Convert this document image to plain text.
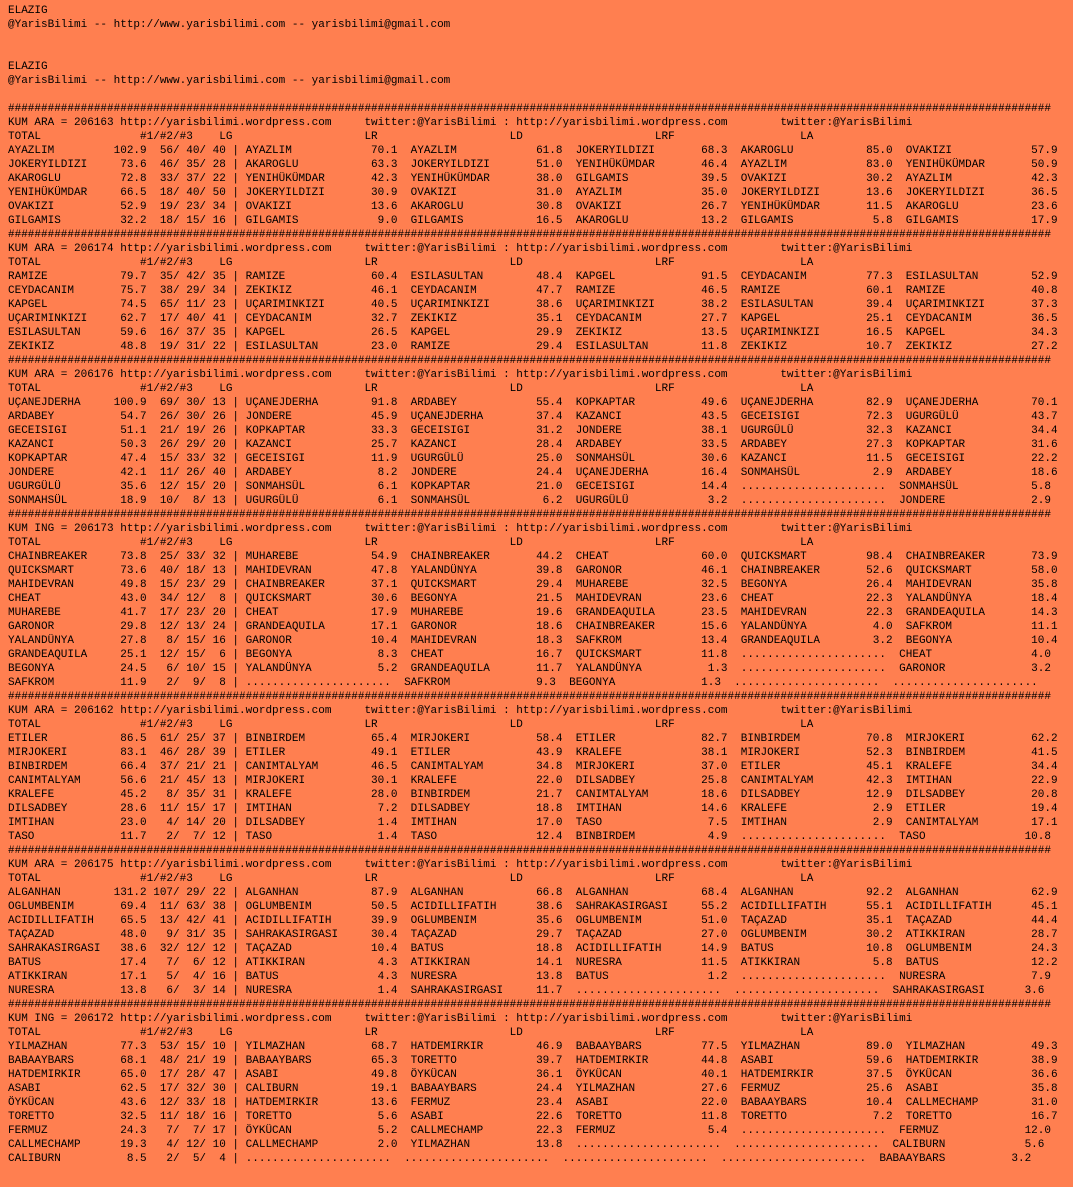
ELAZIG
@YarisBilimi -- http://www.yarisbilimi.com -- yarisbilimi@gmail.com

ELAZIG
@YarisBilimi -- http://www.yarisbilimi.com -- yarisbilimi@gmail.com

##############################################################################################################################################################
KUM ARA = 206163 http://yarisbilimi.wordpress.com     twitter:@YarisBilimi : http://yarisbilimi.wordpress.com        twitter:@YarisBilimi
TOTAL               #1/#2/#3    LG                    LR                    LD                    LRF                   LA
AYAZLIM         102.9  56/ 40/ 40 | AYAZLIM            70.1  AYAZLIM            61.8  JOKERYILDIZI       68.3  AKAROGLU           85.0  OVAKIZI            57.9
JOKERYILDIZI     73.6  46/ 35/ 28 | AKAROGLU           63.3  JOKERYILDIZI       51.0  YENIHÜKÜMDAR       46.4  AYAZLIM            83.0  YENIHÜKÜMDAR       50.9
AKAROGLU         72.8  33/ 37/ 22 | YENIHÜKÜMDAR       42.3  YENIHÜKÜMDAR       38.0  GILGAMIS           39.5  OVAKIZI            30.2  AYAZLIM            42.3
YENIHÜKÜMDAR     66.5  18/ 40/ 50 | JOKERYILDIZI       30.9  OVAKIZI            31.0  AYAZLIM            35.0  JOKERYILDIZI       13.6  JOKERYILDIZI       36.5
OVAKIZI          52.9  19/ 23/ 34 | OVAKIZI            13.6  AKAROGLU           30.8  OVAKIZI            26.7  YENIHÜKÜMDAR       11.5  AKAROGLU           23.6
GILGAMIS         32.2  18/ 15/ 16 | GILGAMIS            9.0  GILGAMIS           16.5  AKAROGLU           13.2  GILGAMIS            5.8  GILGAMIS           17.9
##############################################################################################################################################################
KUM ARA = 206174 http://yarisbilimi.wordpress.com     twitter:@YarisBilimi : http://yarisbilimi.wordpress.com        twitter:@YarisBilimi
TOTAL               #1/#2/#3    LG                    LR                    LD                    LRF                   LA
RAMIZE           79.7  35/ 42/ 35 | RAMIZE             60.4  ESILASULTAN        48.4  KAPGEL             91.5  CEYDACANIM         77.3  ESILASULTAN        52.9
CEYDACANIM       75.7  38/ 29/ 34 | ZEKIKIZ            46.1  CEYDACANIM         47.7  RAMIZE             46.5  RAMIZE             60.1  RAMIZE             40.8
KAPGEL           74.5  65/ 11/ 23 | UÇARIMINKIZI       40.5  UÇARIMINKIZI       38.6  UÇARIMINKIZI       38.2  ESILASULTAN        39.4  UÇARIMINKIZI       37.3
UÇARIMINKIZI     62.7  17/ 40/ 41 | CEYDACANIM         32.7  ZEKIKIZ            35.1  CEYDACANIM         27.7  KAPGEL             25.1  CEYDACANIM         36.5
ESILASULTAN      59.6  16/ 37/ 35 | KAPGEL             26.5  KAPGEL             29.9  ZEKIKIZ            13.5  UÇARIMINKIZI       16.5  KAPGEL             34.3
ZEKIKIZ          48.8  19/ 31/ 22 | ESILASULTAN        23.0  RAMIZE             29.4  ESILASULTAN        11.8  ZEKIKIZ            10.7  ZEKIKIZ            27.2
##############################################################################################################################################################
KUM ARA = 206176 http://yarisbilimi.wordpress.com     twitter:@YarisBilimi : http://yarisbilimi.wordpress.com        twitter:@YarisBilimi
TOTAL               #1/#2/#3    LG                    LR                    LD                    LRF                   LA
UÇANEJDERHA     100.9  69/ 30/ 13 | UÇANEJDERHA        91.8  ARDABEY            55.4  KOPKAPTAR          49.6  UÇANEJDERHA        82.9  UÇANEJDERHA        70.1
ARDABEY          54.7  26/ 30/ 26 | JONDERE            45.9  UÇANEJDERHA        37.4  KAZANCI            43.5  GECEISIGI          72.3  UGURGÜLÜ           43.7
GECEISIGI        51.1  21/ 19/ 26 | KOPKAPTAR          33.3  GECEISIGI          31.2  JONDERE            38.1  UGURGÜLÜ           32.3  KAZANCI            34.4
KAZANCI          50.3  26/ 29/ 20 | KAZANCI            25.7  KAZANCI            28.4  ARDABEY            33.5  ARDABEY            27.3  KOPKAPTAR          31.6
KOPKAPTAR        47.4  15/ 33/ 32 | GECEISIGI          11.9  UGURGÜLÜ           25.0  SONMAHSÜL          30.6  KAZANCI            11.5  GECEISIGI          22.2
JONDERE          42.1  11/ 26/ 40 | ARDABEY             8.2  JONDERE            24.4  UÇANEJDERHA        16.4  SONMAHSÜL           2.9  ARDABEY            18.6
UGURGÜLÜ         35.6  12/ 15/ 20 | SONMAHSÜL           6.1  KOPKAPTAR          21.0  GECEISIGI          14.4  ......................  SONMAHSÜL           5.8
SONMAHSÜL        18.9  10/  8/ 13 | UGURGÜLÜ            6.1  SONMAHSÜL           6.2  UGURGÜLÜ            3.2  ......................  JONDERE             2.9
##############################################################################################################################################################
KUM ING = 206173 http://yarisbilimi.wordpress.com     twitter:@YarisBilimi : http://yarisbilimi.wordpress.com        twitter:@YarisBilimi
TOTAL               #1/#2/#3    LG                    LR                    LD                    LRF                   LA
CHAINBREAKER     73.8  25/ 33/ 32 | MUHAREBE           54.9  CHAINBREAKER       44.2  CHEAT              60.0  QUICKSMART         98.4  CHAINBREAKER       73.9
QUICKSMART       73.6  40/ 18/ 13 | MAHIDEVRAN         47.8  YALANDÜNYA         39.8  GARONOR            46.1  CHAINBREAKER       52.6  QUICKSMART         58.0
MAHIDEVRAN       49.8  15/ 23/ 29 | CHAINBREAKER       37.1  QUICKSMART         29.4  MUHAREBE           32.5  BEGONYA            26.4  MAHIDEVRAN         35.8
CHEAT            43.0  34/ 12/  8 | QUICKSMART         30.6  BEGONYA            21.5  MAHIDEVRAN         23.6  CHEAT              22.3  YALANDÜNYA         18.4
MUHAREBE         41.7  17/ 23/ 20 | CHEAT              17.9  MUHAREBE           19.6  GRANDEAQUILA       23.5  MAHIDEVRAN         22.3  GRANDEAQUILA       14.3
GARONOR          29.8  12/ 13/ 24 | GRANDEAQUILA       17.1  GARONOR            18.6  CHAINBREAKER       15.6  YALANDÜNYA          4.0  SAFKROM            11.1
YALANDÜNYA       27.8   8/ 15/ 16 | GARONOR            10.4  MAHIDEVRAN         18.3  SAFKROM            13.4  GRANDEAQUILA        3.2  BEGONYA            10.4
GRANDEAQUILA     25.1  12/ 15/  6 | BEGONYA             8.3  CHEAT              16.7  QUICKSMART         11.8  ......................  CHEAT               4.0
BEGONYA          24.5   6/ 10/ 15 | YALANDÜNYA          5.2  GRANDEAQUILA       11.7  YALANDÜNYA          1.3  ......................  GARONOR             3.2
SAFKROM          11.9   2/  9/  8 | ......................  SAFKROM             9.3  BEGONYA             1.3  ......................  ......................
##############################################################################################################################################################
KUM ARA = 206162 http://yarisbilimi.wordpress.com     twitter:@YarisBilimi : http://yarisbilimi.wordpress.com        twitter:@YarisBilimi
TOTAL               #1/#2/#3    LG                    LR                    LD                    LRF                   LA
ETILER           86.5  61/ 25/ 37 | BINBIRDEM          65.4  MIRJOKERI          58.4  ETILER             82.7  BINBIRDEM          70.8  MIRJOKERI          62.2
MIRJOKERI        83.1  46/ 28/ 39 | ETILER             49.1  ETILER             43.9  KRALEFE            38.1  MIRJOKERI          52.3  BINBIRDEM          41.5
BINBIRDEM        66.4  37/ 21/ 21 | CANIMTALYAM        46.5  CANIMTALYAM        34.8  MIRJOKERI          37.0  ETILER             45.1  KRALEFE            34.4
CANIMTALYAM      56.6  21/ 45/ 13 | MIRJOKERI          30.1  KRALEFE            22.0  DILSADBEY          25.8  CANIMTALYAM        42.3  IMTIHAN            22.9
KRALEFE          45.2   8/ 35/ 31 | KRALEFE            28.0  BINBIRDEM          21.7  CANIMTALYAM        18.6  DILSADBEY          12.9  DILSADBEY          20.8
DILSADBEY        28.6  11/ 15/ 17 | IMTIHAN             7.2  DILSADBEY          18.8  IMTIHAN            14.6  KRALEFE             2.9  ETILER             19.4
IMTIHAN          23.0   4/ 14/ 20 | DILSADBEY           1.4  IMTIHAN            17.0  TASO                7.5  IMTIHAN             2.9  CANIMTALYAM        17.1
TASO             11.7   2/  7/ 12 | TASO                1.4  TASO               12.4  BINBIRDEM           4.9  ......................  TASO               10.8
##############################################################################################################################################################
KUM ARA = 206175 http://yarisbilimi.wordpress.com     twitter:@YarisBilimi : http://yarisbilimi.wordpress.com        twitter:@YarisBilimi
TOTAL               #1/#2/#3    LG                    LR                    LD                    LRF                   LA
ALGANHAN        131.2 107/ 29/ 22 | ALGANHAN           87.9  ALGANHAN           66.8  ALGANHAN           68.4  ALGANHAN           92.2  ALGANHAN           62.9
OGLUMBENIM       69.4  11/ 63/ 38 | OGLUMBENIM         50.5  ACIDILLIFATIH      38.6  SAHRAKASIRGASI     55.2  ACIDILLIFATIH      55.1  ACIDILLIFATIH      45.1
ACIDILLIFATIH    65.5  13/ 42/ 41 | ACIDILLIFATIH      39.9  OGLUMBENIM         35.6  OGLUMBENIM         51.0  TAÇAZAD            35.1  TAÇAZAD            44.4
TAÇAZAD          48.0   9/ 31/ 35 | SAHRAKASIRGASI     30.4  TAÇAZAD            29.7  TAÇAZAD            27.0  OGLUMBENIM         30.2  ATIKKIRAN          28.7
SAHRAKASIRGASI   38.6  32/ 12/ 12 | TAÇAZAD            10.4  BATUS              18.8  ACIDILLIFATIH      14.9  BATUS              10.8  OGLUMBENIM         24.3
BATUS            17.4   7/  6/ 12 | ATIKKIRAN           4.3  ATIKKIRAN          14.1  NURESRA            11.5  ATIKKIRAN           5.8  BATUS              12.2
ATIKKIRAN        17.1   5/  4/ 16 | BATUS               4.3  NURESRA            13.8  BATUS               1.2  ......................  NURESRA             7.9
NURESRA          13.8   6/  3/ 14 | NURESRA             1.4  SAHRAKASIRGASI     11.7  ......................  ......................  SAHRAKASIRGASI      3.6
##############################################################################################################################################################
KUM ING = 206172 http://yarisbilimi.wordpress.com     twitter:@YarisBilimi : http://yarisbilimi.wordpress.com        twitter:@YarisBilimi
TOTAL               #1/#2/#3    LG                    LR                    LD                    LRF                   LA
YILMAZHAN        77.3  53/ 15/ 10 | YILMAZHAN          68.7  HATDEMIRKIR        46.9  BABAAYBARS         77.5  YILMAZHAN          89.0  YILMAZHAN          49.3
BABAAYBARS       68.1  48/ 21/ 19 | BABAAYBARS         65.3  TORETTO            39.7  HATDEMIRKIR        44.8  ASABI              59.6  HATDEMIRKIR        38.9
HATDEMIRKIR      65.0  17/ 28/ 47 | ASABI              49.8  ÖYKÜCAN            36.1  ÖYKÜCAN            40.1  HATDEMIRKIR        37.5  ÖYKÜCAN            36.6
ASABI            62.5  17/ 32/ 30 | CALIBURN           19.1  BABAAYBARS         24.4  YILMAZHAN          27.6  FERMUZ             25.6  ASABI              35.8
ÖYKÜCAN          43.6  12/ 33/ 18 | HATDEMIRKIR        13.6  FERMUZ             23.4  ASABI              22.0  BABAAYBARS         10.4  CALLMECHAMP        31.0
TORETTO          32.5  11/ 18/ 16 | TORETTO             5.6  ASABI              22.6  TORETTO            11.8  TORETTO             7.2  TORETTO            16.7
FERMUZ           24.3   7/  7/ 17 | ÖYKÜCAN             5.2  CALLMECHAMP        22.3  FERMUZ              5.4  ......................  FERMUZ             12.0
CALLMECHAMP      19.3   4/ 12/ 10 | CALLMECHAMP         2.0  YILMAZHAN          13.8  ......................  ......................  CALIBURN            5.6
CALIBURN          8.5   2/  5/  4 | ......................  ......................  ......................  ......................  BABAAYBARS          3.2
